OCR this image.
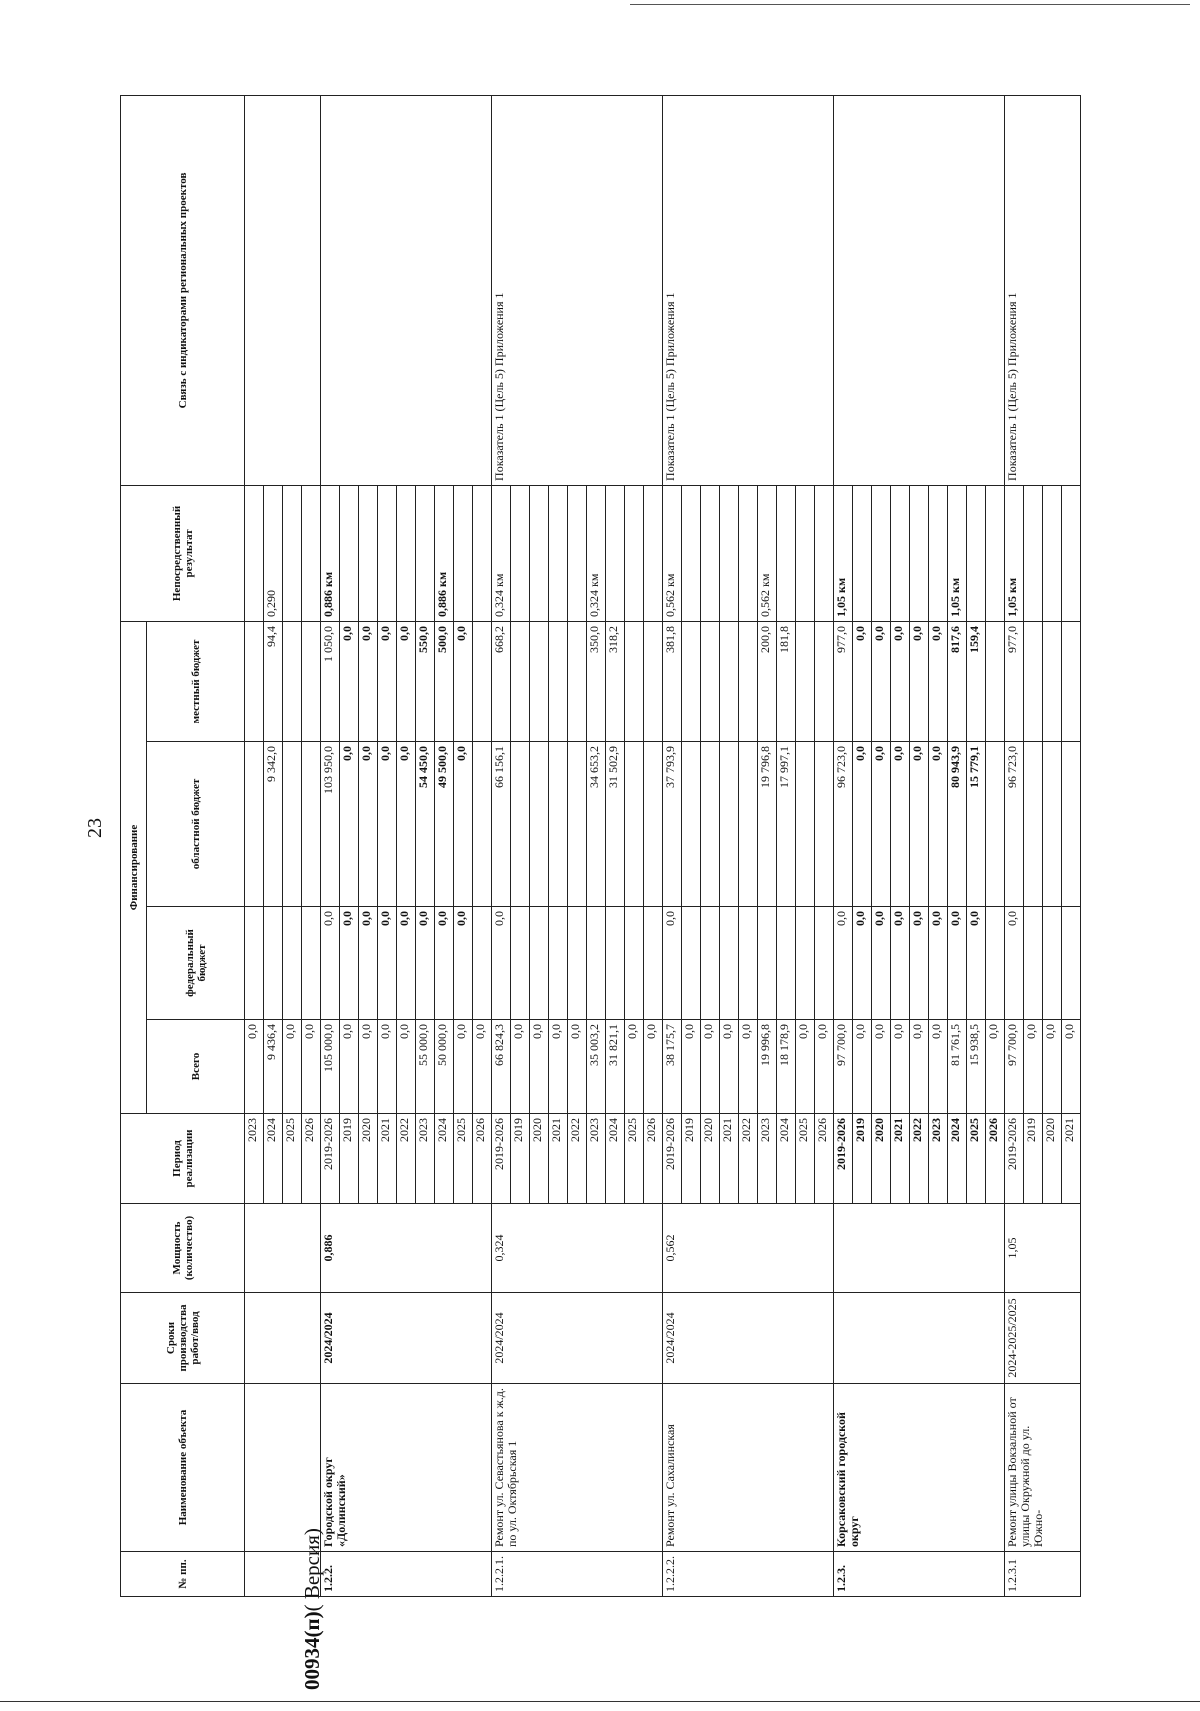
23
00934(п)( Версия)
№ пп.	Наименование объекта	Сроки производства работ/ввод	Мощность (количество)	Период реализации	Финансирование				Непосредственный результат	Связь с индикаторами региональных проектов
					Всего	федеральный бюджет	областной бюджет	местный бюджет		
				2023	0,0					
				2024	9 436,4		9 342,0	94,4	0,290	
				2025	0,0					
				2026	0,0					
1.2.2.	Городской округ «Долинский»	2024/2024	0,886	2019-2026	105 000,0	0,0	103 950,0	1 050,0	0,886 км	
				2019	0,0	0,0	0,0	0,0		
				2020	0,0	0,0	0,0	0,0		
				2021	0,0	0,0	0,0	0,0		
				2022	0,0	0,0	0,0	0,0		
				2023	55 000,0	0,0	54 450,0	550,0		
				2024	50 000,0	0,0	49 500,0	500,0	0,886 км	
				2025	0,0	0,0	0,0	0,0		
				2026	0,0					
1.2.2.1.	Ремонт ул. Севастьянова к ж.д. по ул. Октябрьская 1	2024/2024	0,324	2019-2026	66 824,3	0,0	66 156,1	668,2	0,324 км	Показатель 1 (Цель 5) Приложения 1
				2019	0,0					
				2020	0,0					
				2021	0,0					
				2022	0,0					
				2023	35 003,2		34 653,2	350,0	0,324 км	
				2024	31 821,1		31 502,9	318,2		
				2025	0,0					
				2026	0,0					
1.2.2.2.	Ремонт ул. Сахалинская	2024/2024	0,562	2019-2026	38 175,7	0,0	37 793,9	381,8	0,562 км	Показатель 1 (Цель 5) Приложения 1
				2019	0,0					
				2020	0,0					
				2021	0,0					
				2022	0,0					
				2023	19 996,8		19 796,8	200,0	0,562 км	
				2024	18 178,9		17 997,1	181,8		
				2025	0,0					
				2026	0,0					
1.2.3.	Корсаковский городской округ			2019-2026	97 700,0	0,0	96 723,0	977,0	1,05 км	
				2019	0,0	0,0	0,0	0,0		
				2020	0,0	0,0	0,0	0,0		
				2021	0,0	0,0	0,0	0,0		
				2022	0,0	0,0	0,0	0,0		
				2023	0,0	0,0	0,0	0,0		
				2024	81 761,5	0,0	80 943,9	817,6	1,05 км	
				2025	15 938,5	0,0	15 779,1	159,4		
				2026	0,0					
1.2.3.1	Ремонт улицы Вокзальной от улицы Окружной до ул. Южно-	2024-2025/2025	1,05	2019-2026	97 700,0	0,0	96 723,0	977,0	1,05 км	Показатель 1 (Цель 5) Приложения 1
				2019	0,0					
				2020	0,0					
				2021	0,0					
